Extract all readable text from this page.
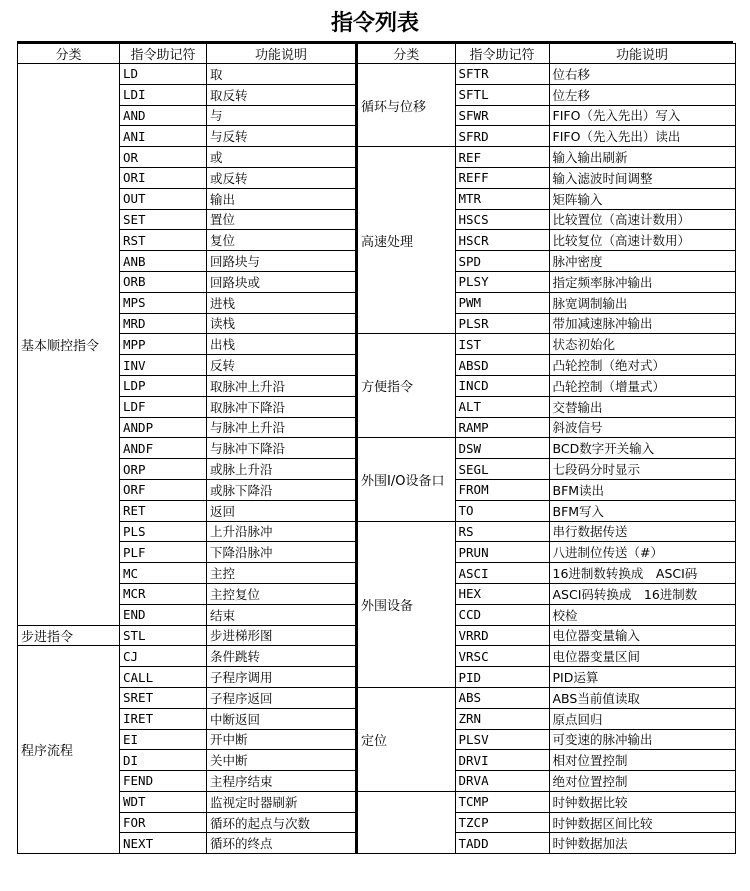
指令列表
分类	指令助记符	功能说明
基本顺控指令	LD	取
	LDI	取反转
	AND	与
	ANI	与反转
	OR	或
	ORI	或反转
	OUT	输出
	SET	置位
	RST	复位
	ANB	回路块与
	ORB	回路块或
	MPS	进栈
	MRD	读栈
	MPP	出栈
	INV	反转
	LDP	取脉冲上升沿
	LDF	取脉冲下降沿
	ANDP	与脉冲上升沿
	ANDF	与脉冲下降沿
	ORP	或脉上升沿
	ORF	或脉下降沿
	RET	返回
	PLS	上升沿脉冲
	PLF	下降沿脉冲
	MC	主控
	MCR	主控复位
	END	结束
步进指令	STL	步进梯形图
程序流程	CJ	条件跳转
	CALL	子程序调用
	SRET	子程序返回
	IRET	中断返回
	EI	开中断
	DI	关中断
	FEND	主程序结束
	WDT	监视定时器刷新
	FOR	循环的起点与次数
	NEXT	循环的终点
分类	指令助记符	功能说明
循环与位移	SFTR	位右移
	SFTL	位左移
	SFWR	FIFO（先入先出）写入
	SFRD	FIFO（先入先出）读出
高速处理	REF	输入输出刷新
	REFF	输入滤波时间调整
	MTR	矩阵输入
	HSCS	比较置位（高速计数用）
	HSCR	比较复位（高速计数用）
	SPD	脉冲密度
	PLSY	指定频率脉冲输出
	PWM	脉宽调制输出
	PLSR	带加减速脉冲输出
方便指令	IST	状态初始化
	ABSD	凸轮控制（绝对式）
	INCD	凸轮控制（增量式）
	ALT	交替输出
	RAMP	斜波信号
外围I/O设备口	DSW	BCD数字开关输入
	SEGL	七段码分时显示
	FROM	BFM读出
	TO	BFM写入
外围设备	RS	串行数据传送
	PRUN	八进制位传送（#）
	ASCI	16进制数转换成　ASCI码
	HEX	ASCI码转换成　16进制数
	CCD	校检
	VRRD	电位器变量输入
	VRSC	电位器变量区间
	PID	PID运算
定位	ABS	ABS当前值读取
	ZRN	原点回归
	PLSV	可变速的脉冲输出
	DRVI	相对位置控制
	DRVA	绝对位置控制
	TCMP	时钟数据比较
	TZCP	时钟数据区间比较
	TADD	时钟数据加法
